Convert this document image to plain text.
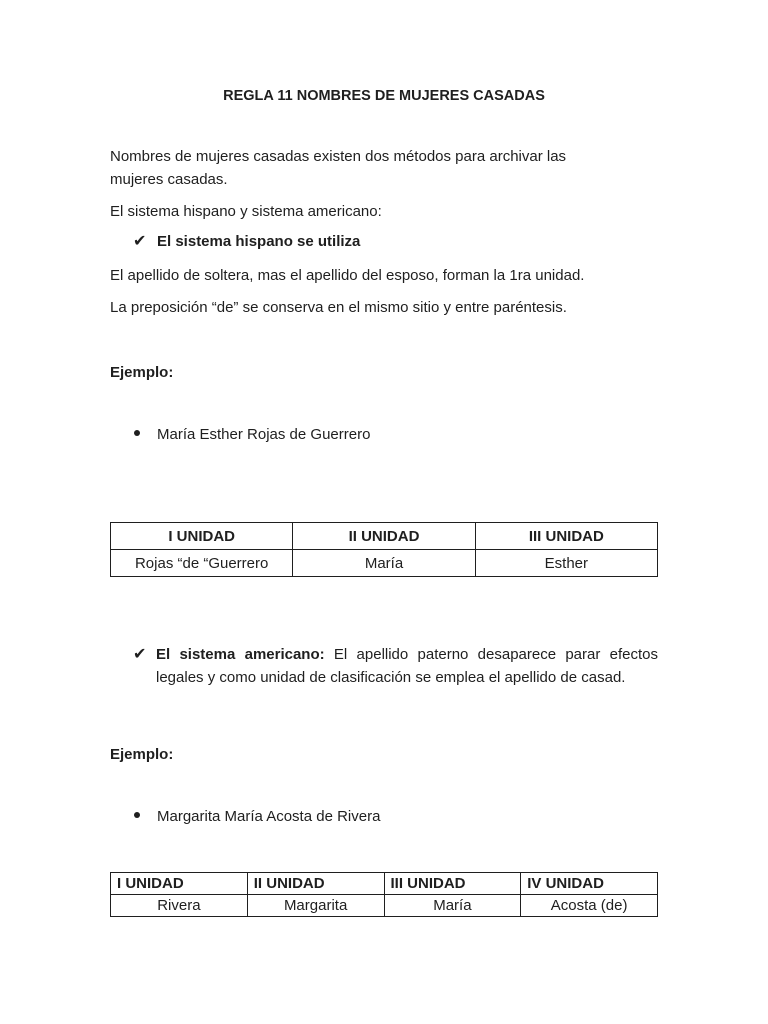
REGLA 11 NOMBRES DE MUJERES CASADAS

Nombres de mujeres casadas existen dos métodos para archivar las
mujeres casadas.

El sistema hispano y sistema americano:

✔ El sistema hispano se utiliza

El apellido de soltera, mas el apellido del esposo, forman la 1ra unidad.

La preposición “de” se conserva en el mismo sitio y entre paréntesis.

Ejemplo:

María Esther Rojas de Guerrero

I UNIDAD	II UNIDAD	III UNIDAD
Rojas “de “Guerrero	María	Esther
✔ El sistema americano: El apellido paterno desaparece parar efectos legales y como unidad de clasificación se emplea el apellido de casad.

Ejemplo:

Margarita María Acosta de Rivera

I UNIDAD	II UNIDAD	III UNIDAD	IV UNIDAD
Rivera	Margarita	María	Acosta (de)
